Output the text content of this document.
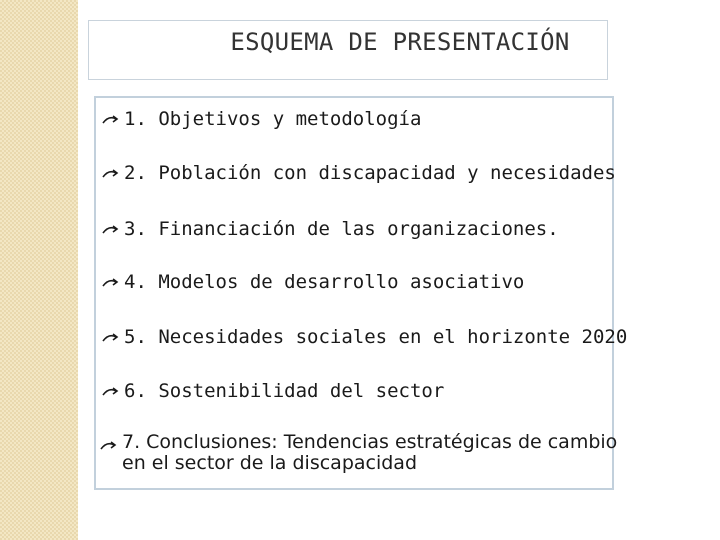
ESQUEMA DE PRESENTACIÓN
1. Objetivos y metodología
2. Población con discapacidad y necesidades
3. Financiación de las organizaciones.
4. Modelos de desarrollo asociativo
5. Necesidades sociales en el horizonte 2020
6. Sostenibilidad del sector
7. Conclusiones: Tendencias estratégicas de cambio en el sector de la discapacidad
